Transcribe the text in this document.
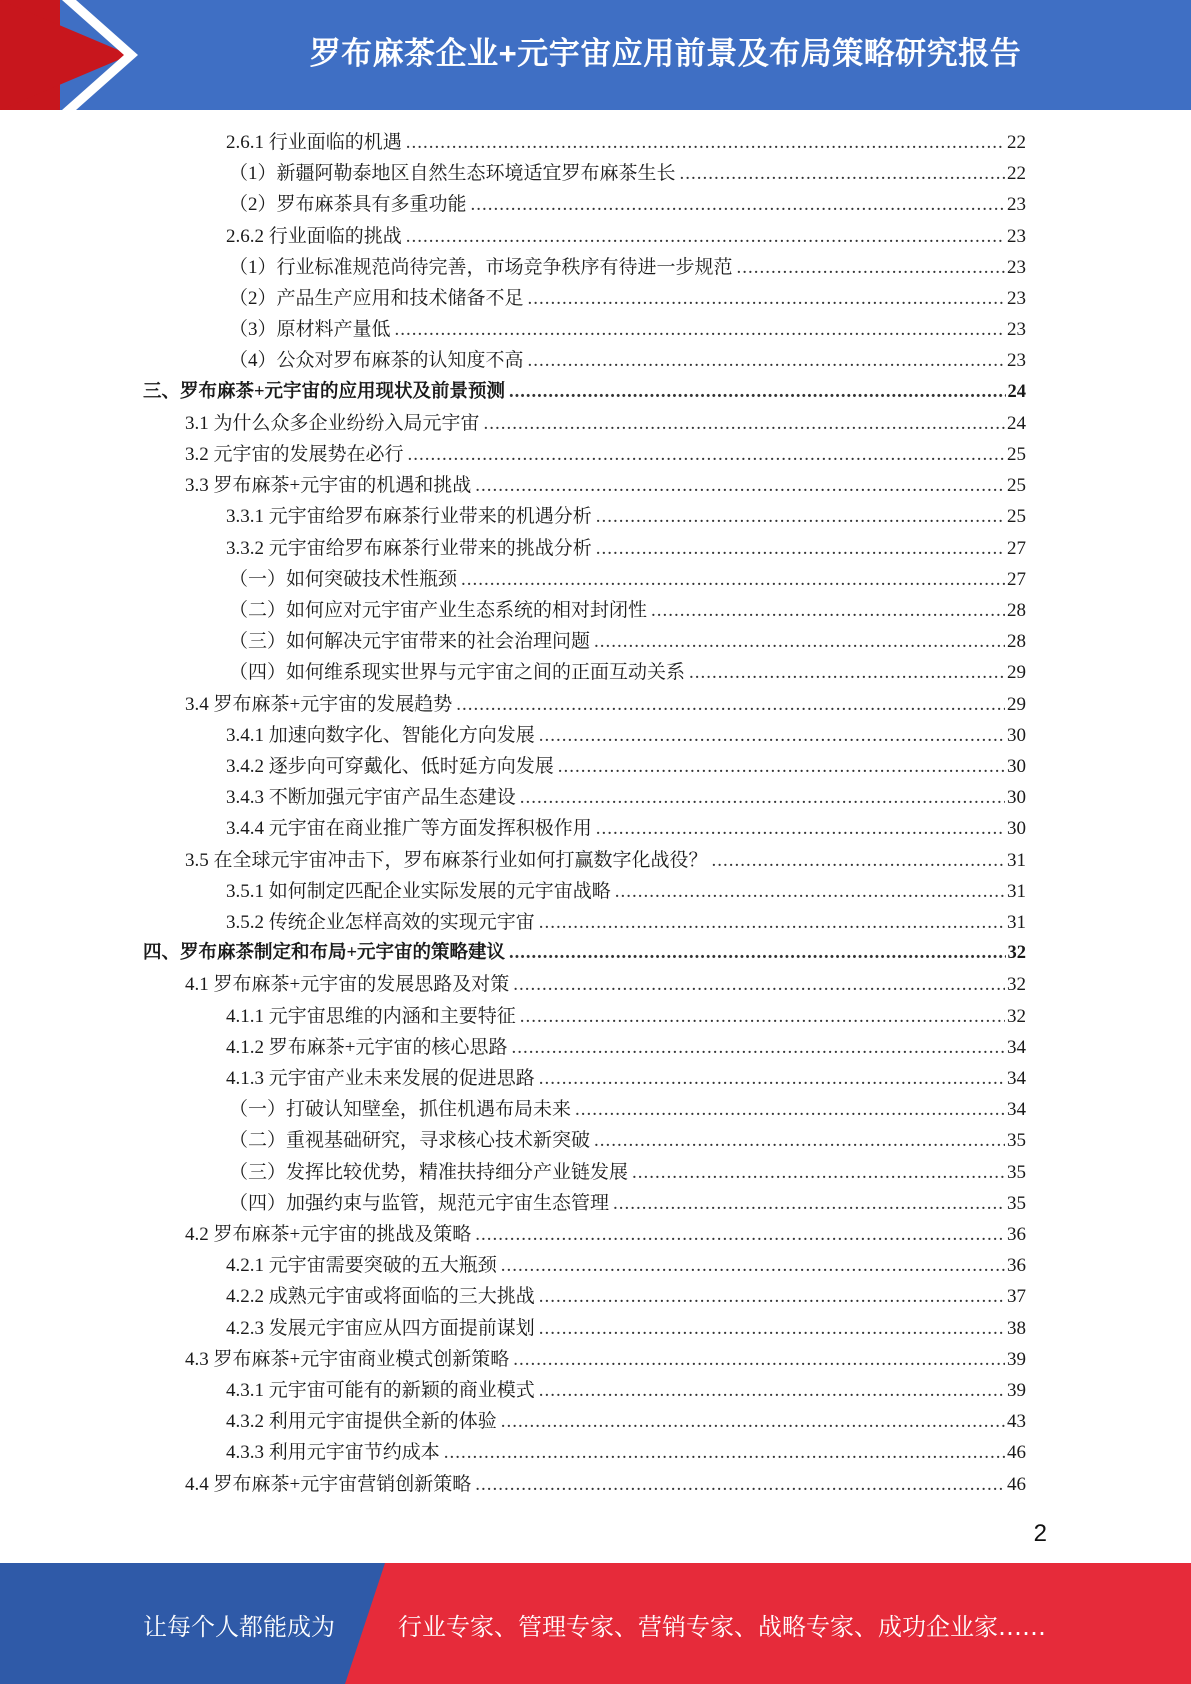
罗布麻茶企业+元宇宙应用前景及布局策略研究报告
2.6.1 行业面临的机遇 .....	22
（1）新疆阿勒泰地区自然生态环境适宜罗布麻茶生长 .....	22
（2）罗布麻茶具有多重功能 .....	23
2.6.2 行业面临的挑战 .....	23
（1）行业标准规范尚待完善，市场竞争秩序有待进一步规范 .....	23
（2）产品生产应用和技术储备不足 .....	23
（3）原材料产量低 .....	23
（4）公众对罗布麻茶的认知度不高 .....	23
三、罗布麻茶+元宇宙的应用现状及前景预测 .....	24
3.1 为什么众多企业纷纷入局元宇宙 .....	24
3.2 元宇宙的发展势在必行 .....	25
3.3 罗布麻茶+元宇宙的机遇和挑战 .....	25
3.3.1 元宇宙给罗布麻茶行业带来的机遇分析 .....	25
3.3.2 元宇宙给罗布麻茶行业带来的挑战分析 .....	27
（一）如何突破技术性瓶颈 .....	27
（二）如何应对元宇宙产业生态系统的相对封闭性 .....	28
（三）如何解决元宇宙带来的社会治理问题 .....	28
（四）如何维系现实世界与元宇宙之间的正面互动关系 .....	29
3.4 罗布麻茶+元宇宙的发展趋势 .....	29
3.4.1 加速向数字化、智能化方向发展 .....	30
3.4.2 逐步向可穿戴化、低时延方向发展 .....	30
3.4.3 不断加强元宇宙产品生态建设 .....	30
3.4.4 元宇宙在商业推广等方面发挥积极作用 .....	30
3.5 在全球元宇宙冲击下，罗布麻茶行业如何打赢数字化战役？ .....	31
3.5.1 如何制定匹配企业实际发展的元宇宙战略 .....	31
3.5.2 传统企业怎样高效的实现元宇宙 .....	31
四、罗布麻茶制定和布局+元宇宙的策略建议 .....	32
4.1 罗布麻茶+元宇宙的发展思路及对策 .....	32
4.1.1 元宇宙思维的内涵和主要特征 .....	32
4.1.2 罗布麻茶+元宇宙的核心思路 .....	34
4.1.3 元宇宙产业未来发展的促进思路 .....	34
（一）打破认知壁垒，抓住机遇布局未来 .....	34
（二）重视基础研究，寻求核心技术新突破 .....	35
（三）发挥比较优势，精准扶持细分产业链发展 .....	35
（四）加强约束与监管，规范元宇宙生态管理 .....	35
4.2 罗布麻茶+元宇宙的挑战及策略 .....	36
4.2.1 元宇宙需要突破的五大瓶颈 .....	36
4.2.2 成熟元宇宙或将面临的三大挑战 .....	37
4.2.3 发展元宇宙应从四方面提前谋划 .....	38
4.3 罗布麻茶+元宇宙商业模式创新策略 .....	39
4.3.1 元宇宙可能有的新颖的商业模式 .....	39
4.3.2 利用元宇宙提供全新的体验 .....	43
4.3.3 利用元宇宙节约成本 .....	46
4.4 罗布麻茶+元宇宙营销创新策略 .....	46
2
让每个人都能成为	行业专家、管理专家、营销专家、战略专家、成功企业家……
